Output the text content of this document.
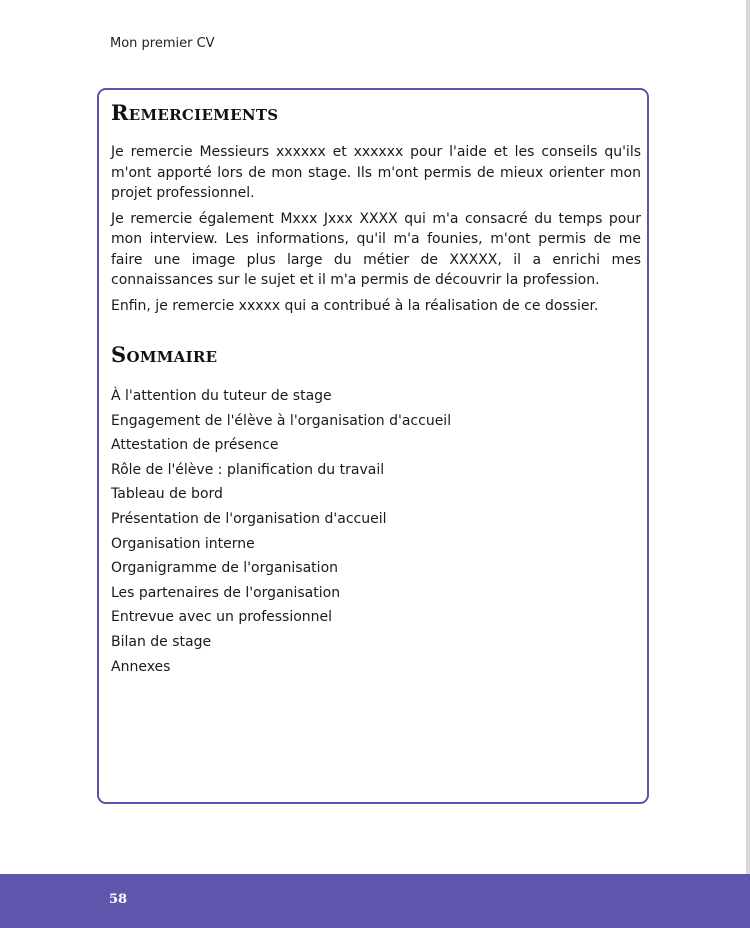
Mon premier CV
Remerciements

Je remercie Messieurs xxxxxx et xxxxxx pour l'aide et les conseils qu'ils m'ont apporté lors de mon stage. Ils m'ont permis de mieux orienter mon projet professionnel.

Je remercie également Mxxx Jxxx XXXX qui m'a consacré du temps pour mon interview. Les informations, qu'il m'a founies, m'ont permis de me faire une image plus large du métier de XXXXX, il a enrichi mes connaissances sur le sujet et il m'a permis de découvrir la profession.

Enfin, je remercie xxxxx qui a contribué à la réalisation de ce dossier.

Sommaire
À l'attention du tuteur de stage
Engagement de l'élève à l'organisation d'accueil
Attestation de présence
Rôle de l'élève : planification du travail
Tableau de bord
Présentation de l'organisation d'accueil
Organisation interne
Organigramme de l'organisation
Les partenaires de l'organisation
Entrevue avec un professionnel
Bilan de stage
Annexes
58
